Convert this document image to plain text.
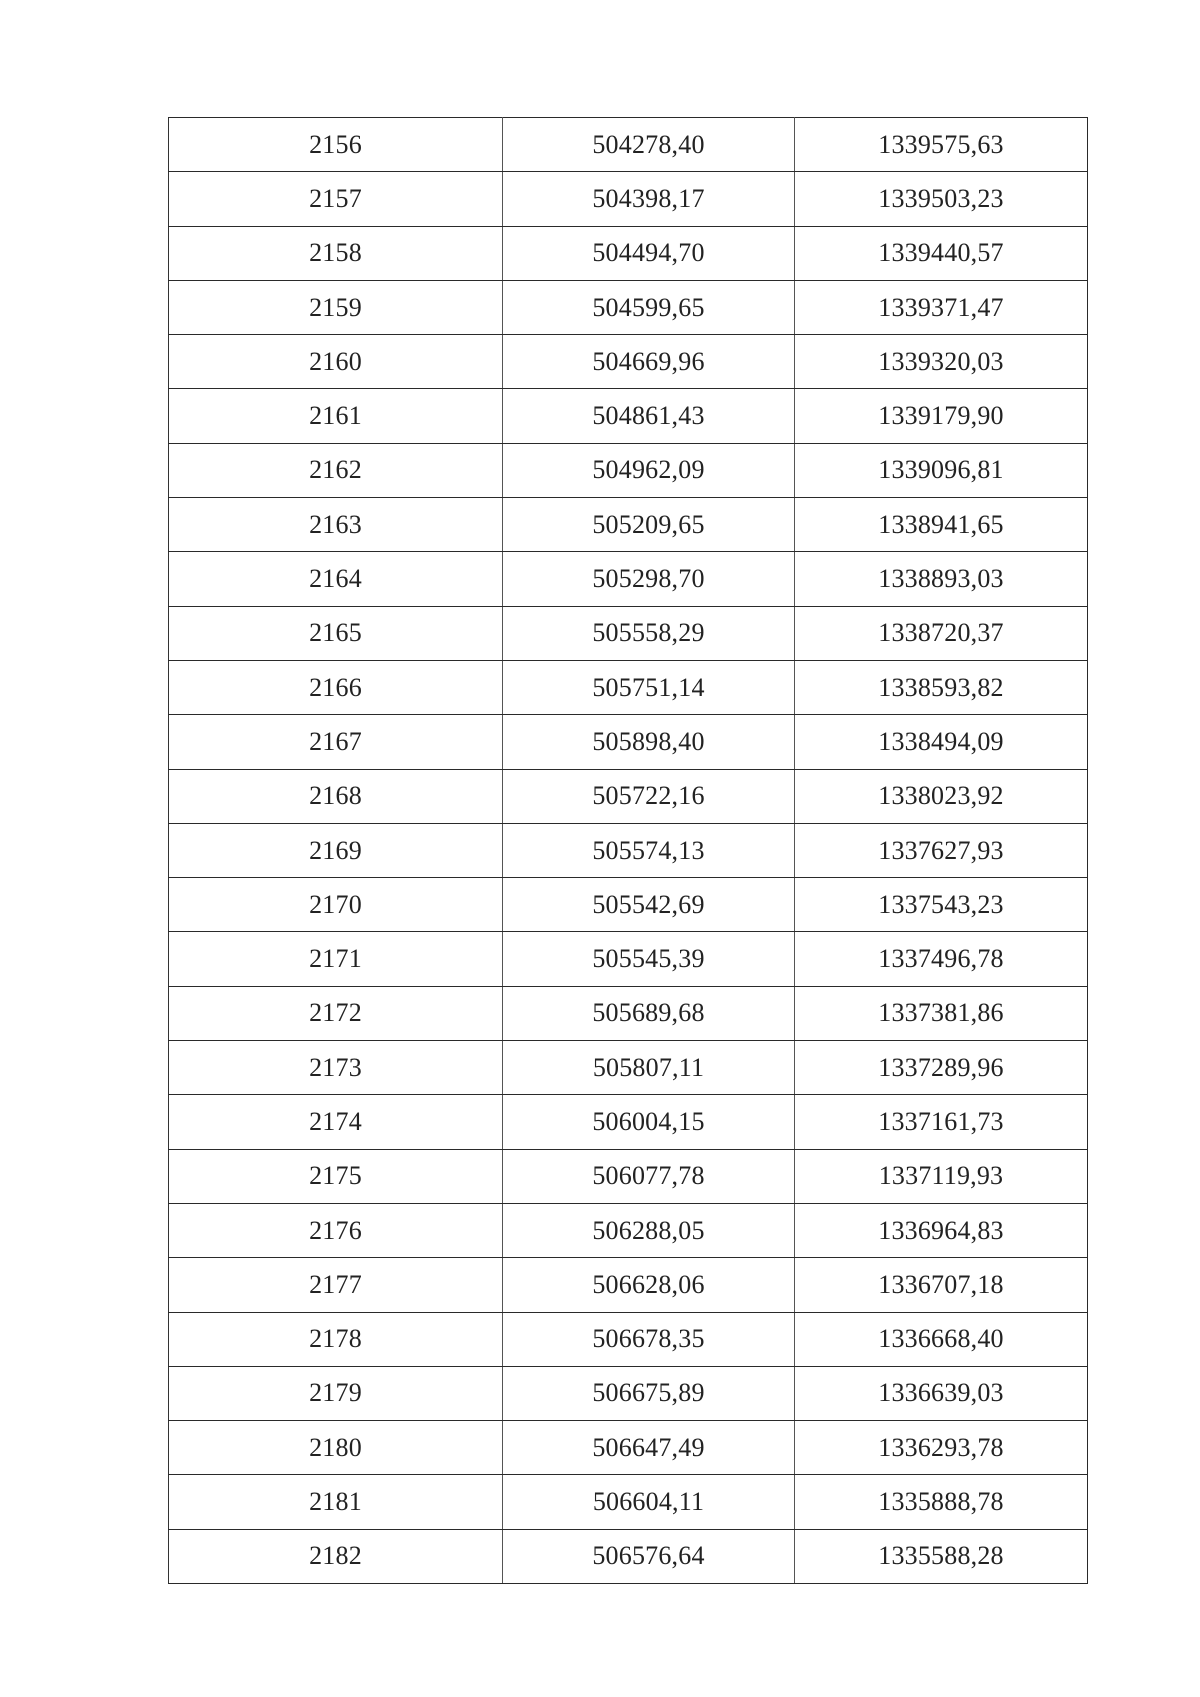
2156	504278,40	1339575,63
2157	504398,17	1339503,23
2158	504494,70	1339440,57
2159	504599,65	1339371,47
2160	504669,96	1339320,03
2161	504861,43	1339179,90
2162	504962,09	1339096,81
2163	505209,65	1338941,65
2164	505298,70	1338893,03
2165	505558,29	1338720,37
2166	505751,14	1338593,82
2167	505898,40	1338494,09
2168	505722,16	1338023,92
2169	505574,13	1337627,93
2170	505542,69	1337543,23
2171	505545,39	1337496,78
2172	505689,68	1337381,86
2173	505807,11	1337289,96
2174	506004,15	1337161,73
2175	506077,78	1337119,93
2176	506288,05	1336964,83
2177	506628,06	1336707,18
2178	506678,35	1336668,40
2179	506675,89	1336639,03
2180	506647,49	1336293,78
2181	506604,11	1335888,78
2182	506576,64	1335588,28
